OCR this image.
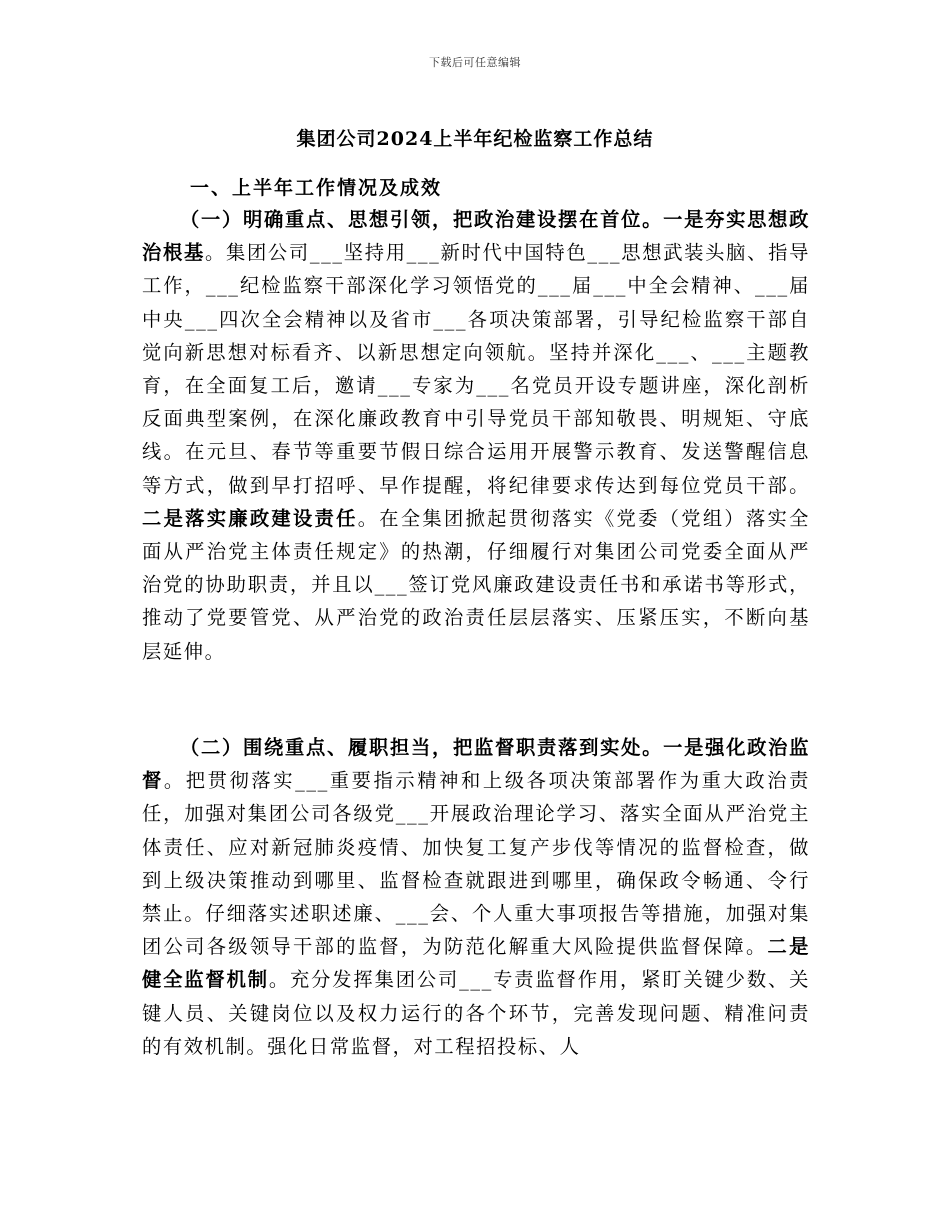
下载后可任意编辑
集团公司2024上半年纪检监察工作总结
一、上半年工作情况及成效

（一）明确重点、思想引领，把政治建设摆在首位。一是夯实思想政治根基。集团公司___坚持用___新时代中国特色___思想武装头脑、指导工作，___纪检监察干部深化学习领悟党的___届___中全会精神、___届中央___四次全会精神以及省市___各项决策部署，引导纪检监察干部自觉向新思想对标看齐、以新思想定向领航。坚持并深化___、___主题教育，在全面复工后，邀请___专家为___名党员开设专题讲座，深化剖析反面典型案例，在深化廉政教育中引导党员干部知敬畏、明规矩、守底线。在元旦、春节等重要节假日综合运用开展警示教育、发送警醒信息等方式，做到早打招呼、早作提醒，将纪律要求传达到每位党员干部。二是落实廉政建设责任。在全集团掀起贯彻落实《党委（党组）落实全面从严治党主体责任规定》的热潮，仔细履行对集团公司党委全面从严治党的协助职责，并且以___签订党风廉政建设责任书和承诺书等形式，推动了党要管党、从严治党的政治责任层层落实、压紧压实，不断向基层延伸。

（二）围绕重点、履职担当，把监督职责落到实处。一是强化政治监督。把贯彻落实___重要指示精神和上级各项决策部署作为重大政治责任，加强对集团公司各级党___开展政治理论学习、落实全面从严治党主体责任、应对新冠肺炎疫情、加快复工复产步伐等情况的监督检查，做到上级决策推动到哪里、监督检查就跟进到哪里，确保政令畅通、令行禁止。仔细落实述职述廉、___会、个人重大事项报告等措施，加强对集团公司各级领导干部的监督，为防范化解重大风险提供监督保障。二是健全监督机制。充分发挥集团公司___专责监督作用，紧盯关键少数、关键人员、关键岗位以及权力运行的各个环节，完善发现问题、精准问责的有效机制。强化日常监督，对工程招投标、人
